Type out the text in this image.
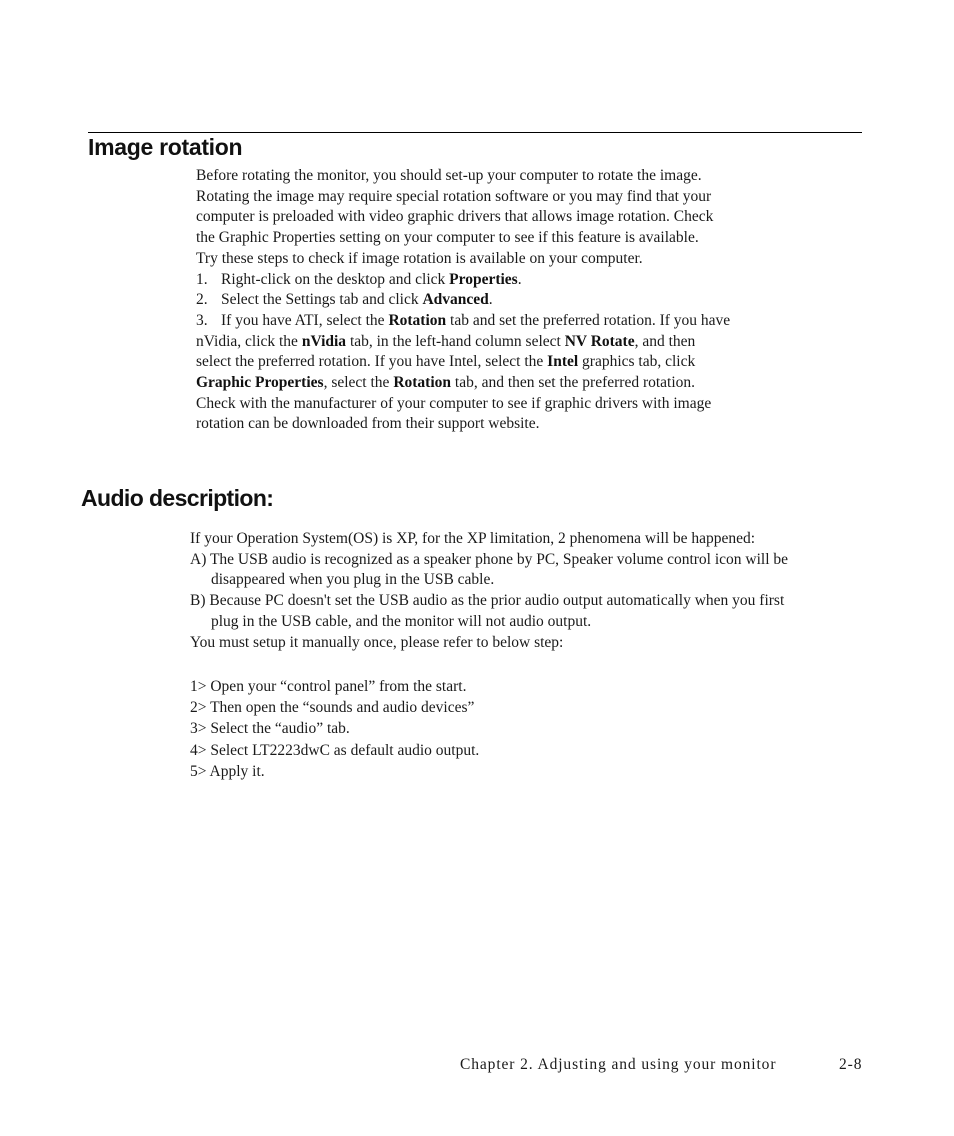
Image rotation
Before rotating the monitor, you should set-up your computer to rotate the image.
Rotating the image may require special rotation software or you may find that your
computer is preloaded with video graphic drivers that allows image rotation. Check
the Graphic Properties setting on your computer to see if this feature is available.
Try these steps to check if image rotation is available on your computer.
1. Right-click on the desktop and click Properties.
2. Select the Settings tab and click Advanced.
3. If you have ATI, select the Rotation tab and set the preferred rotation. If you have
nVidia, click the nVidia tab, in the left-hand column select NV Rotate, and then
select the preferred rotation. If you have Intel, select the Intel graphics tab, click
Graphic Properties, select the Rotation tab, and then set the preferred rotation.
Check with the manufacturer of your computer to see if graphic drivers with image
rotation can be downloaded from their support website.
Audio description:
If your Operation System(OS) is XP, for the XP limitation, 2 phenomena will be happened:
A) The USB audio is recognized as a speaker phone by PC, Speaker volume control icon will be
disappeared when you plug in the USB cable.
B) Because PC doesn't set the USB audio as the prior audio output automatically when you first
plug in the USB cable, and the monitor will not audio output.
You must setup it manually once, please refer to below step:
1> Open your “control panel” from the start.
2> Then open the “sounds and audio devices”
3> Select the “audio” tab.
4> Select LT2223dwC as default audio output.
5> Apply it.
Chapter 2. Adjusting and using your monitor	2-8
